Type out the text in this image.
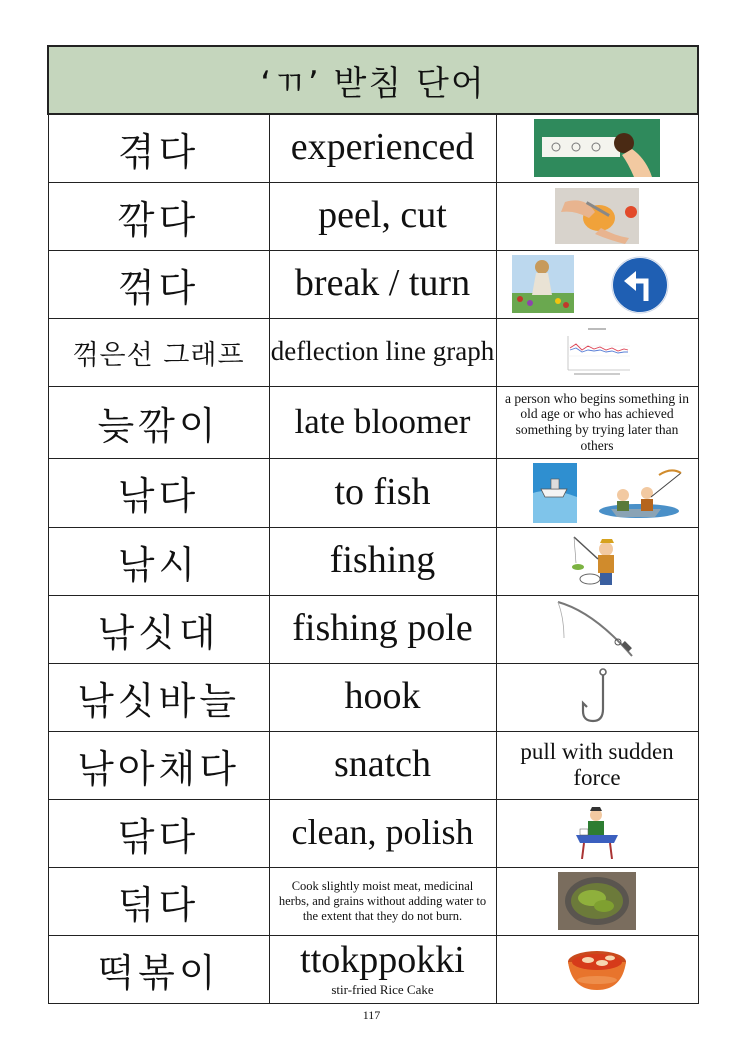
‘ㄲ’ 받침 단어		
겪다	experienced	

깎다	peel, cut	

꺾다	break / turn	

꺾은선 그래프	deflection line graph	

늦깎이	late bloomer	a person who begins something in old age or who has achieved something by trying later than others
낚다	to fish	

낚시	fishing	

낚싯대	fishing pole	

낚싯바늘	hook	

낚아채다	snatch	pull with sudden force
닦다	clean, polish	

덖다	Cook slightly moist meat, medicinal herbs, and grains without adding water to the extent that they do not burn.	

떡볶이	ttokppokki
stir-fried Rice Cake

117
